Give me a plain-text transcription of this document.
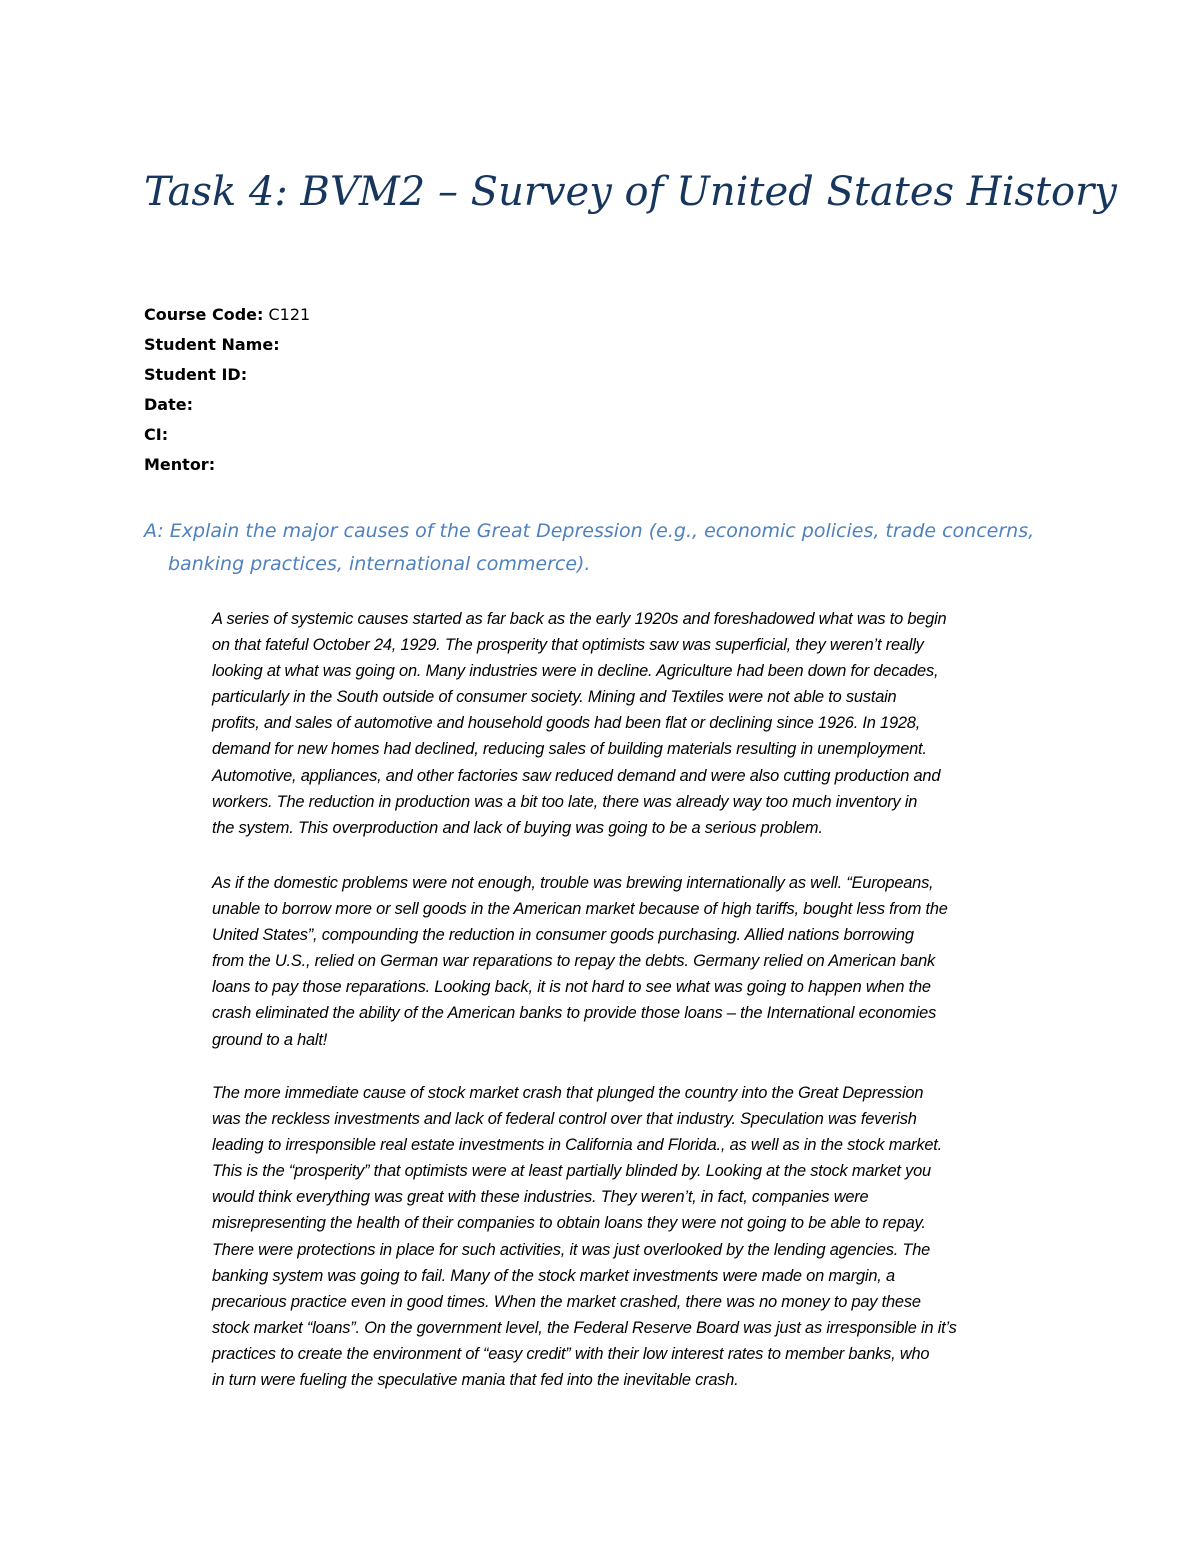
Task 4: BVM2 – Survey of United States History
Course Code: C121
Student Name:
Student ID:
Date:
CI:
Mentor:
A: Explain the major causes of the Great Depression (e.g., economic policies, trade concerns, banking practices, international commerce).
A series of systemic causes started as far back as the early 1920s and foreshadowed what was to begin
on that fateful October 24, 1929. The prosperity that optimists saw was superficial, they weren’t really
looking at what was going on. Many industries were in decline. Agriculture had been down for decades,
particularly in the South outside of consumer society. Mining and Textiles were not able to sustain
profits, and sales of automotive and household goods had been flat or declining since 1926. In 1928,
demand for new homes had declined, reducing sales of building materials resulting in unemployment.
Automotive, appliances, and other factories saw reduced demand and were also cutting production and
workers. The reduction in production was a bit too late, there was already way too much inventory in
the system. This overproduction and lack of buying was going to be a serious problem.
As if the domestic problems were not enough, trouble was brewing internationally as well. “Europeans,
unable to borrow more or sell goods in the American market because of high tariffs, bought less from the
United States”, compounding the reduction in consumer goods purchasing. Allied nations borrowing
from the U.S., relied on German war reparations to repay the debts. Germany relied on American bank
loans to pay those reparations. Looking back, it is not hard to see what was going to happen when the
crash eliminated the ability of the American banks to provide those loans – the International economies
ground to a halt!
The more immediate cause of stock market crash that plunged the country into the Great Depression
was the reckless investments and lack of federal control over that industry. Speculation was feverish
leading to irresponsible real estate investments in California and Florida., as well as in the stock market.
This is the “prosperity” that optimists were at least partially blinded by. Looking at the stock market you
would think everything was great with these industries. They weren’t, in fact, companies were
misrepresenting the health of their companies to obtain loans they were not going to be able to repay.
There were protections in place for such activities, it was just overlooked by the lending agencies. The
banking system was going to fail. Many of the stock market investments were made on margin, a
precarious practice even in good times. When the market crashed, there was no money to pay these
stock market “loans”. On the government level, the Federal Reserve Board was just as irresponsible in it’s
practices to create the environment of “easy credit” with their low interest rates to member banks, who
in turn were fueling the speculative mania that fed into the inevitable crash.
